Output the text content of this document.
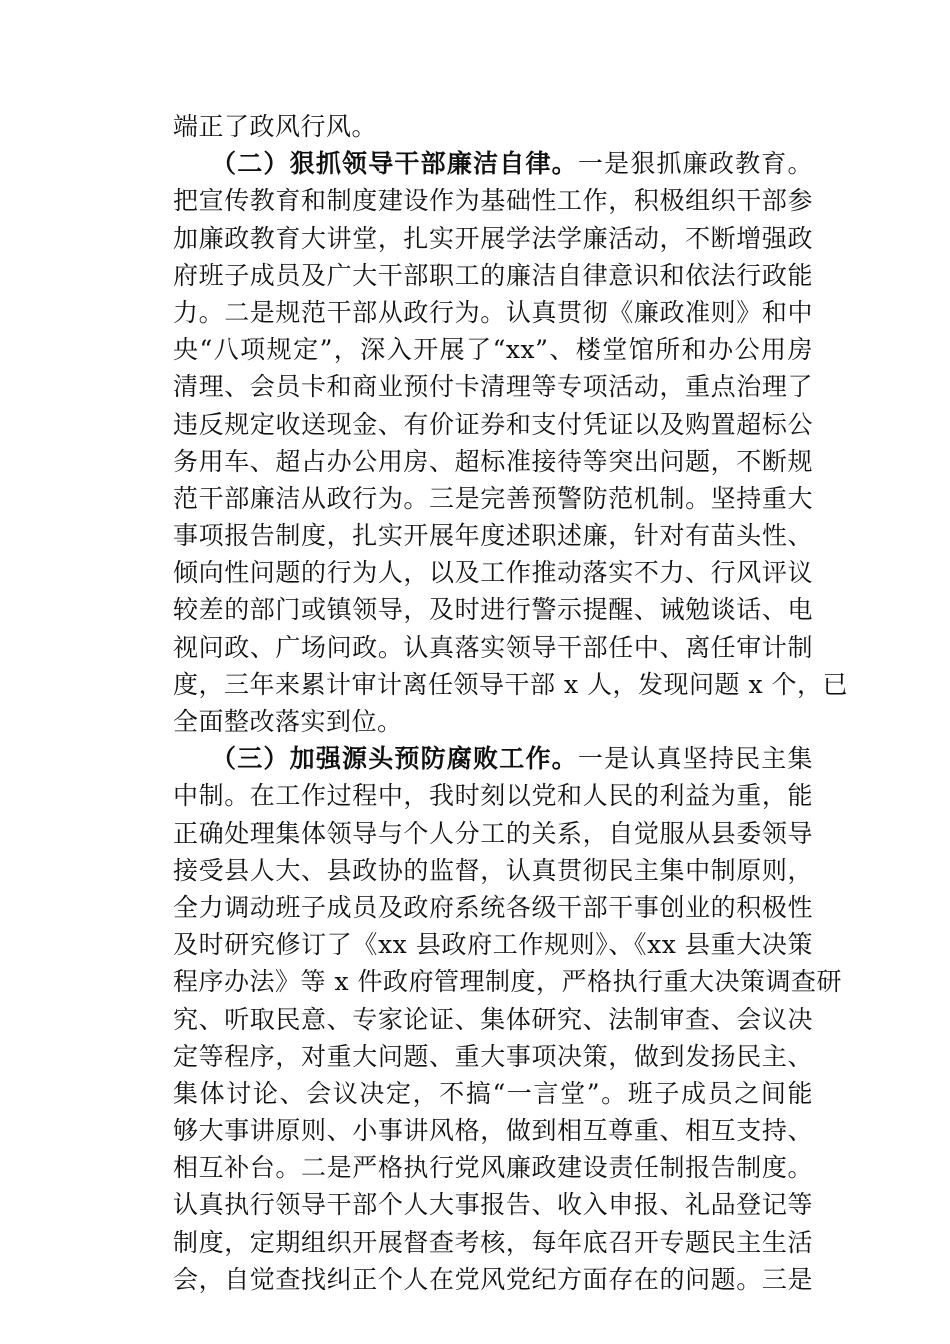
端正了政风行风。
（二）狠抓领导干部廉洁自律。一是狠抓廉政教育。
把宣传教育和制度建设作为基础性工作，积极组织干部参
加廉政教育大讲堂，扎实开展学法学廉活动，不断增强政
府班子成员及广大干部职工的廉洁自律意识和依法行政能
力。二是规范干部从政行为。认真贯彻《廉政准则》和中
央“八项规定”，深入开展了“xx”、楼堂馆所和办公用房
清理、会员卡和商业预付卡清理等专项活动，重点治理了
违反规定收送现金、有价证券和支付凭证以及购置超标公
务用车、超占办公用房、超标准接待等突出问题，不断规
范干部廉洁从政行为。三是完善预警防范机制。坚持重大
事项报告制度，扎实开展年度述职述廉，针对有苗头性、
倾向性问题的行为人，以及工作推动落实不力、行风评议
较差的部门或镇领导，及时进行警示提醒、诫勉谈话、电
视问政、广场问政。认真落实领导干部任中、离任审计制
度，三年来累计审计离任领导干部 x 人，发现问题 x 个，已
全面整改落实到位。
（三）加强源头预防腐败工作。一是认真坚持民主集
中制。在工作过程中，我时刻以党和人民的利益为重，能
正确处理集体领导与个人分工的关系，自觉服从县委领导
接受县人大、县政协的监督，认真贯彻民主集中制原则，
全力调动班子成员及政府系统各级干部干事创业的积极性
及时研究修订了《xx 县政府工作规则》、《xx 县重大决策
程序办法》等 x 件政府管理制度，严格执行重大决策调查研
究、听取民意、专家论证、集体研究、法制审查、会议决
定等程序，对重大问题、重大事项决策，做到发扬民主、
集体讨论、会议决定，不搞“一言堂”。班子成员之间能
够大事讲原则、小事讲风格，做到相互尊重、相互支持、
相互补台。二是严格执行党风廉政建设责任制报告制度。
认真执行领导干部个人大事报告、收入申报、礼品登记等
制度，定期组织开展督查考核，每年底召开专题民主生活
会，自觉查找纠正个人在党风党纪方面存在的问题。三是
